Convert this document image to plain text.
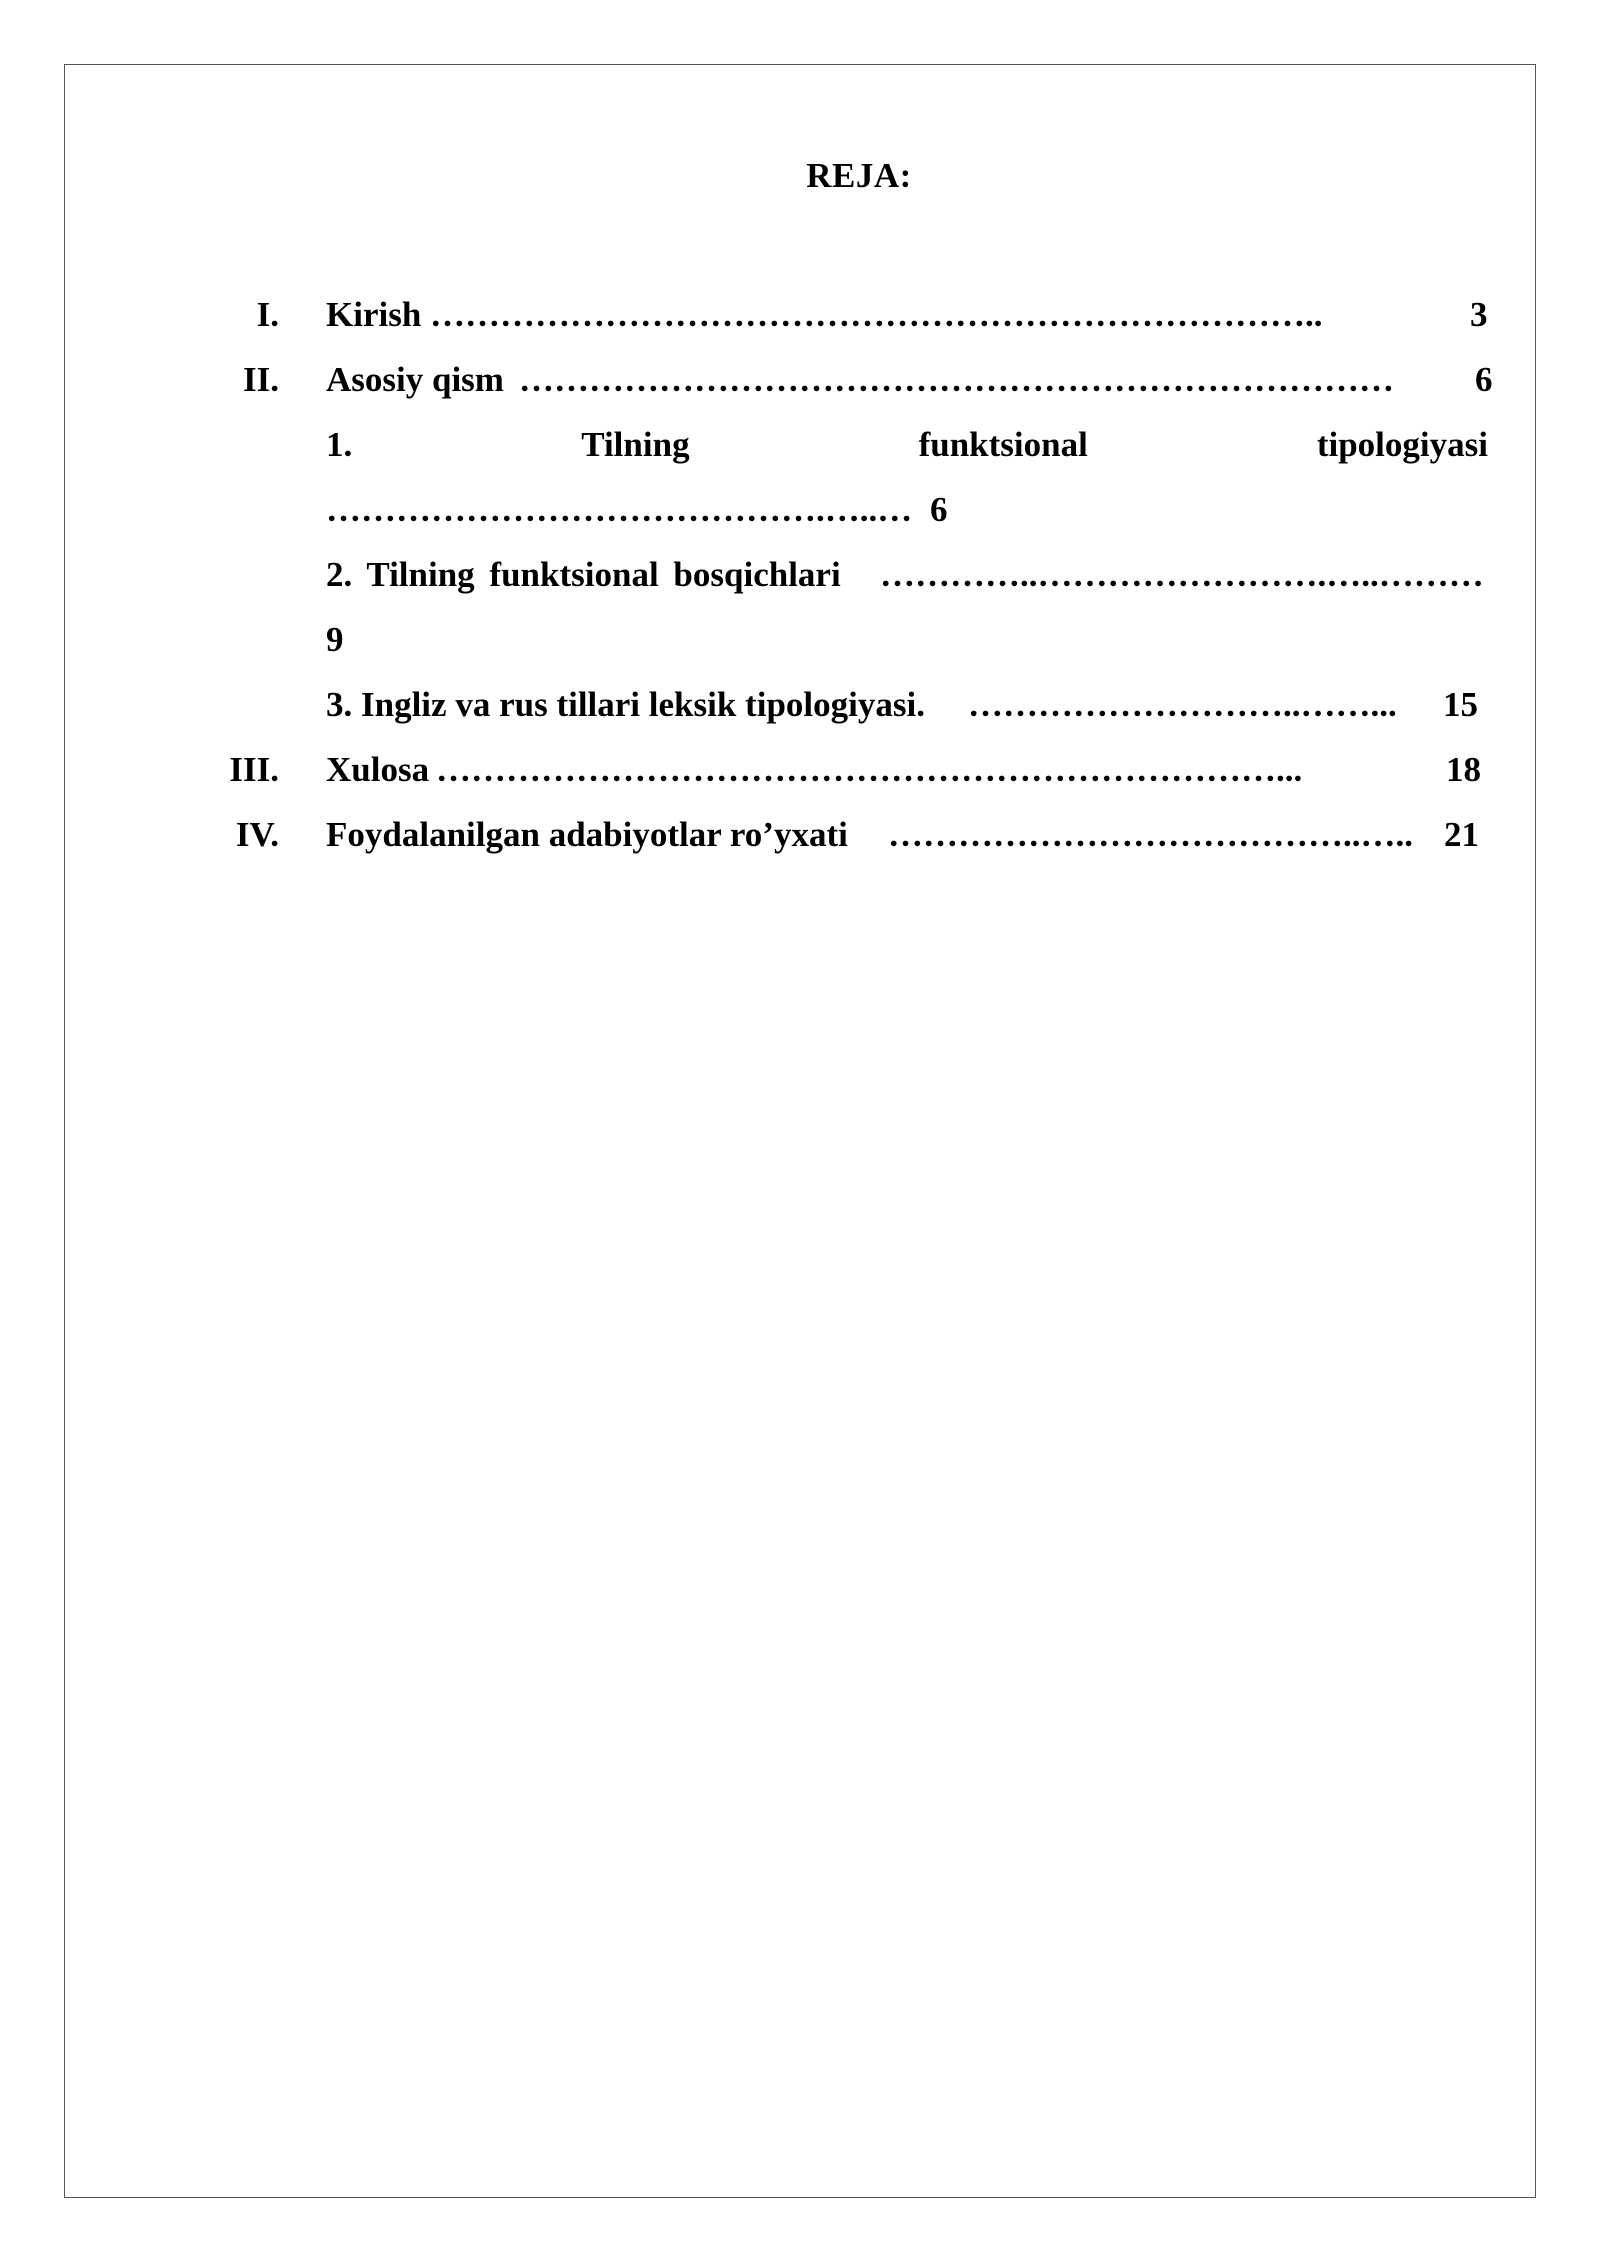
REJA:
I. Kirish …………………………………………………………………..	3
II. Asosiy qism …………………………………………………………………	6
1.	Tilning	funktsional	tipologiyasi
…………………………………….…..… 6
2. Tilning funktsional bosqichlari …………..…………………….…..………
9
3. Ingliz va rus tillari leksik tipologiyasi. ………………………..……...	15
III. Xulosa ………………………………………………………………...	18
IV. Foydalanilgan adabiyotlar ro’yxati …………………………………..….. 21
